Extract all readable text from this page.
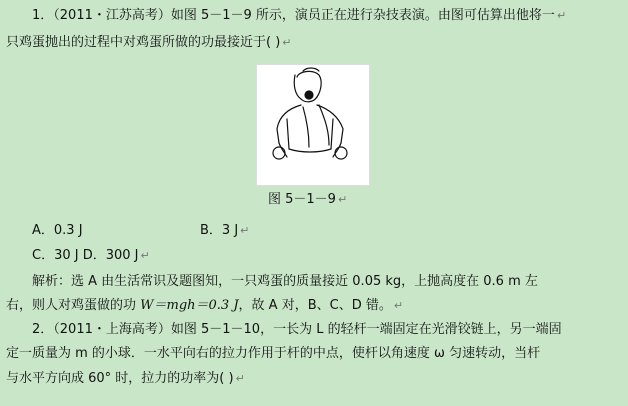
1．（2011・江苏高考）如图 5－1－9 所示，演员正在进行杂技表演。由图可估算出他将一 ↵
只鸡蛋抛出的过程中对鸡蛋所做的功最接近于( ) ↵
图 5－1－9 ↵
A．0.3 J	B．3 J ↵
C．30 J D．300 J ↵
解析：选 A 由生活常识及题图知，一只鸡蛋的质量接近 0.05 kg，上抛高度在 0.6 m 左
右，则人对鸡蛋做的功 W＝mgh＝0.3 J，故 A 对，B、C、D 错。 ↵
2．（2011・上海高考）如图 5－1－10，一长为 L 的轻杆一端固定在光滑铰链上，另一端固
定一质量为 m 的小球．一水平向右的拉力作用于杆的中点，使杆以角速度 ω 匀速转动，当杆
与水平方向成 60° 时，拉力的功率为( ) ↵
